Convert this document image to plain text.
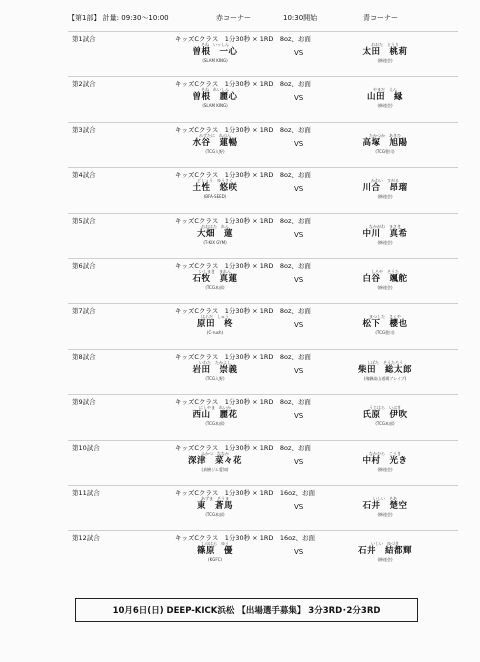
【第1部】 計量: 09:30～10:00	赤コーナー	10:30開始	青コーナー
第1試合	キッズCクラス　1分30秒 × 1RD　8oz、お面
そね　いっしん
曽根　一心
(SLAM KING)
VS
おおた　とうり
太田　桃莉
(修徳会)
第2試合	キッズCクラス　1分30秒 × 1RD　8oz、お面
そね　れいしん
曽根　麗心
(SLAM KING)
VS
やまだ　えん
山田　縁
(修徳会)
第3試合	キッズCクラス　1分30秒 × 1RD　8oz、お面
みずたに　れのん
水谷　蓮暢
(TCG入野)
VS
たかつか　あきひ
高塚　旭陽
(TCG豊川)
第4試合	キッズCクラス　1分30秒 × 1RD　8oz、お面
どしょう　ゆうさく
土性　悠咲
(BFA-SEED)
VS
かわい　すがる
川合　昂瑠
(修徳会)
第5試合	キッズCクラス　1分30秒 × 1RD　8oz、お面
おおはた　れん
大畑　蓮
(T-KIX GYM)
VS
なかがわ　まさき
中川　真希
(修徳会)
第6試合	キッズCクラス　1分30秒 × 1RD　8oz、お面
いしまき　まれん
石牧　真蓮
(TCG本部)
VS
しろや　そうた
白谷　颯舵
(修徳会)
第7試合	キッズCクラス　1分30秒 × 1RD　8oz、お面
はらだ　しゅう
原田　柊
(C-rush)
VS
まつした　さくや
松下　櫻也
(TCG豊川)
第8試合	キッズCクラス　1分30秒 × 1RD　8oz、お面
いわた　たかよし
岩田　崇義
(TCG入野)
VS
しばた　そうたろう
柴田　総太郎
(飛騨高山道場ブレイブ)
第9試合	キッズCクラス　1分30秒 × 1RD　8oz、お面
にしやま　れいか
西山　麗花
(TCG本部)
VS
うじはら　いぶき
氏原　伊吹
(TCG本部)
第10試合	キッズCクラス　1分30秒 × 1RD　8oz、お面
ふかつ　ななか
深津　菜々花
(真樹ジム愛知)
VS
なかむら　こうき
中村　光き
(修徳会)
第11試合	キッズCクラス　1分30秒 × 1RD　16oz、お面
あずま　そうま
東　蒼馬
(TCG本部)
VS
いしい　そあ
石井　楚空
(修徳会)
第12試合	キッズCクラス　1分30秒 × 1RD　16oz、お面
しのはら　ゆう
篠原　優
(KGFC)
VS
いしい　ゆづき
石井　結都輝
(修徳会)
10月6日(日) DEEP-KICK浜松 【出場選手募集】 3分3RD･2分3RD
